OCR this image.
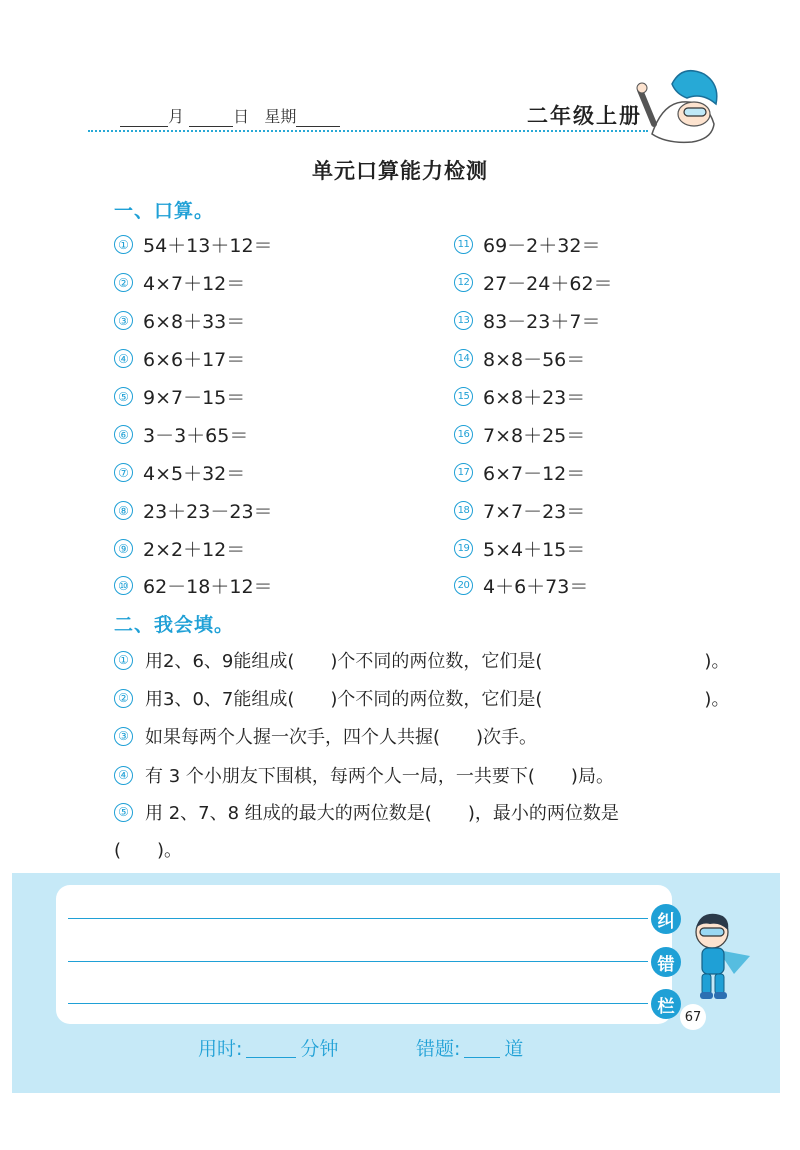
月	日 星期	二年级上册
单元口算能力检测
一、口算。
① 54＋13＋12＝
② 4×7＋12＝
③ 6×8＋33＝
④ 6×6＋17＝
⑤ 9×7－15＝
⑥ 3－3＋65＝
⑦ 4×5＋32＝
⑧ 23＋23－23＝
⑨ 2×2＋12＝
⑩ 62－18＋12＝
11 69－2＋32＝
12 27－24＋62＝
13 83－23＋7＝
14 8×8－56＝
15 6×8＋23＝
16 7×8＋25＝
17 6×7－12＝
18 7×7－23＝
19 5×4＋15＝
20 4＋6＋73＝
二、我会填。
① 用2、6、9能组成(　　)个不同的两位数，它们是(　　　　　　　　　)。
② 用3、0、7能组成(　　)个不同的两位数，它们是(　　　　　　　　　)。
③ 如果每两个人握一次手，四个人共握(　　)次手。
④ 有 3 个小朋友下围棋，每两个人一局，一共要下(　　)局。
⑤ 用 2、7、8 组成的最大的两位数是(　　)，最小的两位数是
(　　)。
纠
错
栏
67
用时:	分钟	错题: 道
